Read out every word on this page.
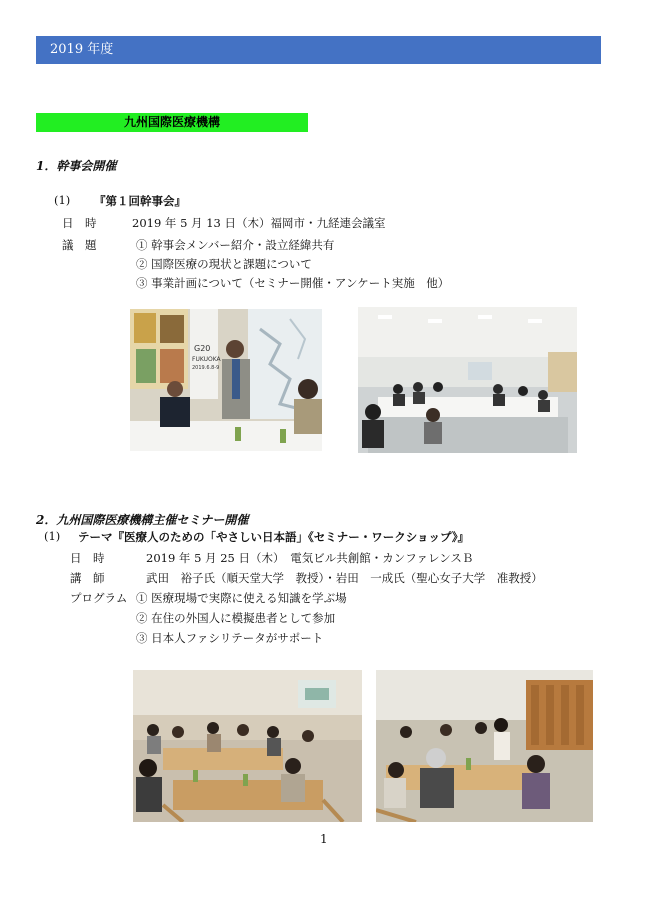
2019 年度
九州国際医療機構
1．幹事会開催
(1) 『第１回幹事会』
日　時	2019 年 5 月 13 日（木）福岡市・九経連会議室
議　題	① 幹事会メンバー紹介・設立経緯共有
② 国際医療の現状と課題について
③ 事業計画について（セミナー開催・アンケート実施　他）
G20
FUKUOKA
2019.6.8-9
2．九州国際医療機構主催セミナー開催
(1) テーマ『医療人のための「やさしい日本語」《セミナー・ワークショップ》』
日　時	2019 年 5 月 25 日（木）　電気ビル共創館・カンファレンスＢ
講　師	武田　裕子氏（順天堂大学　教授）・岩田　一成氏（聖心女子大学　准教授）
プログラム ① 医療現場で実際に使える知識を学ぶ場
② 在住の外国人に模擬患者として参加
③ 日本人ファシリテータがサポート
1
